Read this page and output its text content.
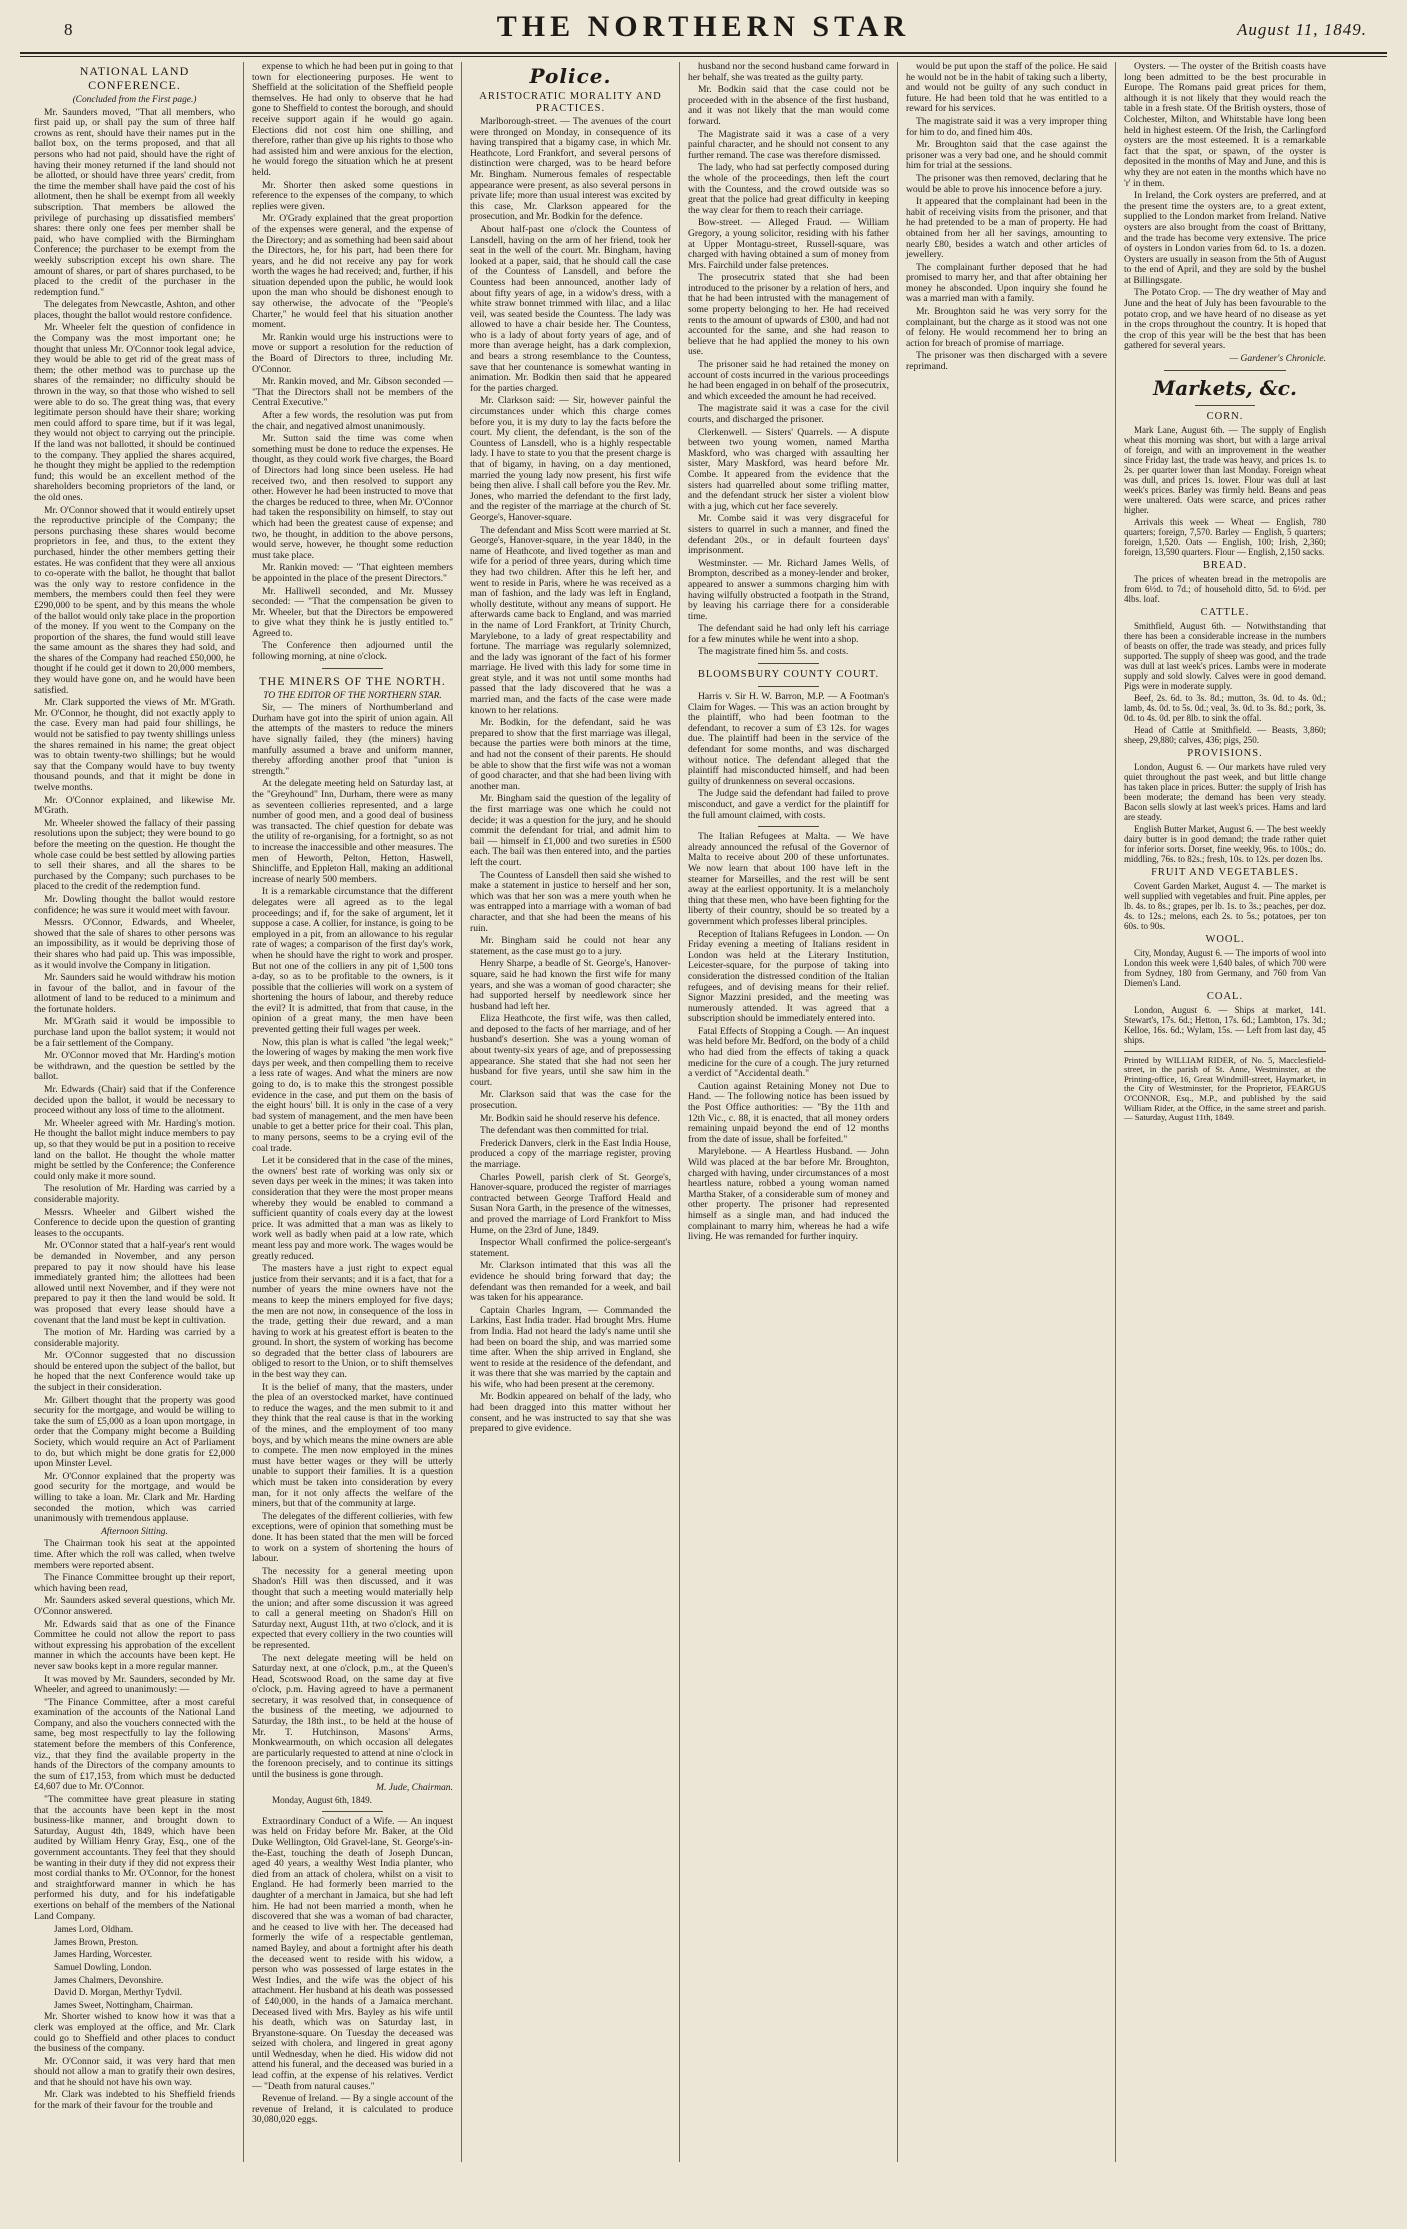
8	THE NORTHERN STAR	August 11, 1849.
NATIONAL LAND CONFERENCE.

(Concluded from the First page.)

Mr. Saunders moved, "That all members, who first paid up, or shall pay the sum of three half crowns as rent, should have their names put in the ballot box, on the terms proposed, and that all persons who had not paid, should have the right of having their money returned if the land should not be allotted, or should have three years' credit, from the time the member shall have paid the cost of his allotment, then he shall be exempt from all weekly subscription. That members be allowed the privilege of purchasing up dissatisfied members' shares: there only one fees per member shall be paid, who have complied with the Birmingham Conference; the purchaser to be exempt from the weekly subscription except his own share. The amount of shares, or part of shares purchased, to be placed to the credit of the purchaser in the redemption fund."

The delegates from Newcastle, Ashton, and other places, thought the ballot would restore confidence.

Mr. Wheeler felt the question of confidence in the Company was the most important one; he thought that unless Mr. O'Connor took legal advice, they would be able to get rid of the great mass of them; the other method was to purchase up the shares of the remainder; no difficulty should be thrown in the way, so that those who wished to sell were able to do so. The great thing was, that every legitimate person should have their share; working men could afford to spare time, but if it was legal, they would not object to carrying out the principle. If the land was not ballotted, it should be continued to the company. They applied the shares acquired, he thought they might be applied to the redemption fund; this would be an excellent method of the shareholders becoming proprietors of the land, or the old ones.

Mr. O'Connor showed that it would entirely upset the reproductive principle of the Company; the persons purchasing these shares would become proprietors in fee, and thus, to the extent they purchased, hinder the other members getting their estates. He was confident that they were all anxious to co-operate with the ballot, he thought that ballot was the only way to restore confidence in the members, the members could then feel they were £290,000 to be spent, and by this means the whole of the ballot would only take place in the proportion of the money. If you went to the Company on the proportion of the shares, the fund would still leave the same amount as the shares they had sold, and the shares of the Company had reached £50,000, he thought if he could get it down to 20,000 members, they would have gone on, and he would have been satisfied.

Mr. Clark supported the views of Mr. M'Grath. Mr. O'Connor, he thought, did not exactly apply to the case. Every man had paid four shillings, he would not be satisfied to pay twenty shillings unless the shares remained in his name; the great object was to obtain twenty-two shillings; but he would say that the Company would have to buy twenty thousand pounds, and that it might be done in twelve months.

Mr. O'Connor explained, and likewise Mr. M'Grath.

Mr. Wheeler showed the fallacy of their passing resolutions upon the subject; they were bound to go before the meeting on the question. He thought the whole case could be best settled by allowing parties to sell their shares, and all the shares to be purchased by the Company; such purchases to be placed to the credit of the redemption fund.

Mr. Dowling thought the ballot would restore confidence; he was sure it would meet with favour.

Messrs. O'Connor, Edwards, and Wheeler, showed that the sale of shares to other persons was an impossibility, as it would be depriving those of their shares who had paid up. This was impossible, as it would involve the Company in litigation.

Mr. Saunders said he would withdraw his motion in favour of the ballot, and in favour of the allotment of land to be reduced to a minimum and the fortunate holders.

Mr. M'Grath said it would be impossible to purchase land upon the ballot system; it would not be a fair settlement of the Company.

Mr. O'Connor moved that Mr. Harding's motion be withdrawn, and the question be settled by the ballot.

Mr. Edwards (Chair) said that if the Conference decided upon the ballot, it would be necessary to proceed without any loss of time to the allotment.

Mr. Wheeler agreed with Mr. Harding's motion. He thought the ballot might induce members to pay up, so that they would be put in a position to receive land on the ballot. He thought the whole matter might be settled by the Conference; the Conference could only make it more sound.

The resolution of Mr. Harding was carried by a considerable majority.

Messrs. Wheeler and Gilbert wished the Conference to decide upon the question of granting leases to the occupants.

Mr. O'Connor stated that a half-year's rent would be demanded in November, and any person prepared to pay it now should have his lease immediately granted him; the allottees had been allowed until next November, and if they were not prepared to pay it then the land would be sold. It was proposed that every lease should have a covenant that the land must be kept in cultivation.

The motion of Mr. Harding was carried by a considerable majority.

Mr. O'Connor suggested that no discussion should be entered upon the subject of the ballot, but he hoped that the next Conference would take up the subject in their consideration.

Mr. Gilbert thought that the property was good security for the mortgage, and would be willing to take the sum of £5,000 as a loan upon mortgage, in order that the Company might become a Building Society, which would require an Act of Parliament to do, but which might be done gratis for £2,000 upon Minster Level.

Mr. O'Connor explained that the property was good security for the mortgage, and would be willing to take a loan. Mr. Clark and Mr. Harding seconded the motion, which was carried unanimously with tremendous applause.

Afternoon Sitting.

The Chairman took his seat at the appointed time. After which the roll was called, when twelve members were reported absent.

The Finance Committee brought up their report, which having been read,

Mr. Saunders asked several questions, which Mr. O'Connor answered.

Mr. Edwards said that as one of the Finance Committee he could not allow the report to pass without expressing his approbation of the excellent manner in which the accounts have been kept. He never saw books kept in a more regular manner.

It was moved by Mr. Saunders, seconded by Mr. Wheeler, and agreed to unanimously: —

"The Finance Committee, after a most careful examination of the accounts of the National Land Company, and also the vouchers connected with the same, beg most respectfully to lay the following statement before the members of this Conference, viz., that they find the available property in the hands of the Directors of the company amounts to the sum of £17,153, from which must be deducted £4,607 due to Mr. O'Connor.

"The committee have great pleasure in stating that the accounts have been kept in the most business-like manner, and brought down to Saturday, August 4th, 1849, which have been audited by William Henry Gray, Esq., one of the government accountants. They feel that they should be wanting in their duty if they did not express their most cordial thanks to Mr. O'Connor, for the honest and straightforward manner in which he has performed his duty, and for his indefatigable exertions on behalf of the members of the National Land Company.

James Lord, Oldham.

James Brown, Preston.

James Harding, Worcester.

Samuel Dowling, London.

James Chalmers, Devonshire.

David D. Morgan, Merthyr Tydvil.

James Sweet, Nottingham, Chairman.

Mr. Shorter wished to know how it was that a clerk was employed at the office, and Mr. Clark could go to Sheffield and other places to conduct the business of the company.

Mr. O'Connor said, it was very hard that men should not allow a man to gratify their own desires, and that he should not have his own way.

Mr. Clark was indebted to his Sheffield friends for the mark of their favour for the trouble and

expense to which he had been put in going to that town for electioneering purposes. He went to Sheffield at the solicitation of the Sheffield people themselves. He had only to observe that he had gone to Sheffield to contest the borough, and should receive support again if he would go again. Elections did not cost him one shilling, and therefore, rather than give up his rights to those who had assisted him and were anxious for the election, he would forego the situation which he at present held.

Mr. Shorter then asked some questions in reference to the expenses of the company, to which replies were given.

Mr. O'Grady explained that the great proportion of the expenses were general, and the expense of the Directory; and as something had been said about the Directors, he, for his part, had been there for years, and he did not receive any pay for work worth the wages he had received; and, further, if his situation depended upon the public, he would look upon the man who should be dishonest enough to say otherwise, the advocate of the "People's Charter," he would feel that his situation another moment.

Mr. Rankin would urge his instructions were to move or support a resolution for the reduction of the Board of Directors to three, including Mr. O'Connor.

Mr. Rankin moved, and Mr. Gibson seconded — "That the Directors shall not be members of the Central Executive."

After a few words, the resolution was put from the chair, and negatived almost unanimously.

Mr. Sutton said the time was come when something must be done to reduce the expenses. He thought, as they could work five charges, the Board of Directors had long since been useless. He had received two, and then resolved to support any other. However he had been instructed to move that the charges be reduced to three, when Mr. O'Connor had taken the responsibility on himself, to stay out which had been the greatest cause of expense; and two, he thought, in addition to the above persons, would serve, however, he thought some reduction must take place.

Mr. Rankin moved: — "That eighteen members be appointed in the place of the present Directors."

Mr. Halliwell seconded, and Mr. Mussey seconded: — "That the compensation be given to Mr. Wheeler, but that the Directors be empowered to give what they think he is justly entitled to." Agreed to.

The Conference then adjourned until the following morning, at nine o'clock.

THE MINERS OF THE NORTH.

TO THE EDITOR OF THE NORTHERN STAR.

Sir, — The miners of Northumberland and Durham have got into the spirit of union again. All the attempts of the masters to reduce the miners have signally failed, they (the miners) having manfully assumed a brave and uniform manner, thereby affording another proof that "union is strength."

At the delegate meeting held on Saturday last, at the "Greyhound" Inn, Durham, there were as many as seventeen collieries represented, and a large number of good men, and a good deal of business was transacted. The chief question for debate was the utility of re-organising, for a fortnight, so as not to increase the inaccessible and other measures. The men of Heworth, Pelton, Hetton, Haswell, Shincliffe, and Eppleton Hall, making an additional increase of nearly 500 members.

It is a remarkable circumstance that the different delegates were all agreed as to the legal proceedings; and if, for the sake of argument, let it suppose a case. A collier, for instance, is going to be employed in a pit, from an allowance to his regular rate of wages; a comparison of the first day's work, when he should have the right to work and prosper. But not one of the colliers in any pit of 1,500 tons a-day, so as to be profitable to the owners, is it possible that the collieries will work on a system of shortening the hours of labour, and thereby reduce the evil? It is admitted, that from that cause, in the opinion of a great many, the men have been prevented getting their full wages per week.

Now, this plan is what is called "the legal week;" the lowering of wages by making the men work five days per week, and then compelling them to receive a less rate of wages. And what the miners are now going to do, is to make this the strongest possible evidence in the case, and put them on the basis of the eight hours' bill. It is only in the case of a very bad system of management, and the men have been unable to get a better price for their coal. This plan, to many persons, seems to be a crying evil of the coal trade.

Let it be considered that in the case of the mines, the owners' best rate of working was only six or seven days per week in the mines; it was taken into consideration that they were the most proper means whereby they would be enabled to command a sufficient quantity of coals every day at the lowest price. It was admitted that a man was as likely to work well as badly when paid at a low rate, which meant less pay and more work. The wages would be greatly reduced.

The masters have a just right to expect equal justice from their servants; and it is a fact, that for a number of years the mine owners have not the means to keep the miners employed for five days; the men are not now, in consequence of the loss in the trade, getting their due reward, and a man having to work at his greatest effort is beaten to the ground. In short, the system of working has become so degraded that the better class of labourers are obliged to resort to the Union, or to shift themselves in the best way they can.

It is the belief of many, that the masters, under the plea of an overstocked market, have continued to reduce the wages, and the men submit to it and they think that the real cause is that in the working of the mines, and the employment of too many boys, and by which means the mine owners are able to compete. The men now employed in the mines must have better wages or they will be utterly unable to support their families. It is a question which must be taken into consideration by every man, for it not only affects the welfare of the miners, but that of the community at large.

The delegates of the different collieries, with few exceptions, were of opinion that something must be done. It has been stated that the men will be forced to work on a system of shortening the hours of labour.

The necessity for a general meeting upon Shadon's Hill was then discussed, and it was thought that such a meeting would materially help the union; and after some discussion it was agreed to call a general meeting on Shadon's Hill on Saturday next, August 11th, at two o'clock, and it is expected that every colliery in the two counties will be represented.

The next delegate meeting will be held on Saturday next, at one o'clock, p.m., at the Queen's Head, Scotswood Road, on the same day at five o'clock, p.m. Having agreed to have a permanent secretary, it was resolved that, in consequence of the business of the meeting, we adjourned to Saturday, the 18th inst., to be held at the house of Mr. T. Hutchinson, Masons' Arms, Monkwearmouth, on which occasion all delegates are particularly requested to attend at nine o'clock in the forenoon precisely, and to continue its sittings until the business is gone through.

M. Jude, Chairman.

Monday, August 6th, 1849.

Extraordinary Conduct of a Wife. — An inquest was held on Friday before Mr. Baker, at the Old Duke Wellington, Old Gravel-lane, St. George's-in-the-East, touching the death of Joseph Duncan, aged 40 years, a wealthy West India planter, who died from an attack of cholera, whilst on a visit to England. He had formerly been married to the daughter of a merchant in Jamaica, but she had left him. He had not been married a month, when he discovered that she was a woman of bad character, and he ceased to live with her. The deceased had formerly the wife of a respectable gentleman, named Bayley, and about a fortnight after his death the deceased went to reside with his widow, a person who was possessed of large estates in the West Indies, and the wife was the object of his attachment. Her husband at his death was possessed of £40,000, in the hands of a Jamaica merchant. Deceased lived with Mrs. Bayley as his wife until his death, which was on Saturday last, in Bryanstone-square. On Tuesday the deceased was seized with cholera, and lingered in great agony until Wednesday, when he died. His widow did not attend his funeral, and the deceased was buried in a lead coffin, at the expense of his relatives. Verdict — "Death from natural causes."

Revenue of Ireland. — By a single account of the revenue of Ireland, it is calculated to produce 30,080,020 eggs.

Police.
ARISTOCRATIC MORALITY AND PRACTICES.

Marlborough-street. — The avenues of the court were thronged on Monday, in consequence of its having transpired that a bigamy case, in which Mr. Heathcote, Lord Frankfort, and several persons of distinction were charged, was to be heard before Mr. Bingham. Numerous females of respectable appearance were present, as also several persons in private life; more than usual interest was excited by this case, Mr. Clarkson appeared for the prosecution, and Mr. Bodkin for the defence.

About half-past one o'clock the Countess of Lansdell, having on the arm of her friend, took her seat in the well of the court. Mr. Bingham, having looked at a paper, said, that he should call the case of the Countess of Lansdell, and before the Countess had been announced, another lady of about fifty years of age, in a widow's dress, with a white straw bonnet trimmed with lilac, and a lilac veil, was seated beside the Countess. The lady was allowed to have a chair beside her. The Countess, who is a lady of about forty years of age, and of more than average height, has a dark complexion, and bears a strong resemblance to the Countess, save that her countenance is somewhat wanting in animation. Mr. Bodkin then said that he appeared for the parties charged.

Mr. Clarkson said: — Sir, however painful the circumstances under which this charge comes before you, it is my duty to lay the facts before the court. My client, the defendant, is the son of the Countess of Lansdell, who is a highly respectable lady. I have to state to you that the present charge is that of bigamy, in having, on a day mentioned, married the young lady now present, his first wife being then alive. I shall call before you the Rev. Mr. Jones, who married the defendant to the first lady, and the register of the marriage at the church of St. George's, Hanover-square.

The defendant and Miss Scott were married at St. George's, Hanover-square, in the year 1840, in the name of Heathcote, and lived together as man and wife for a period of three years, during which time they had two children. After this he left her, and went to reside in Paris, where he was received as a man of fashion, and the lady was left in England, wholly destitute, without any means of support. He afterwards came back to England, and was married in the name of Lord Frankfort, at Trinity Church, Marylebone, to a lady of great respectability and fortune. The marriage was regularly solemnized, and the lady was ignorant of the fact of his former marriage. He lived with this lady for some time in great style, and it was not until some months had passed that the lady discovered that he was a married man, and the facts of the case were made known to her relations.

Mr. Bodkin, for the defendant, said he was prepared to show that the first marriage was illegal, because the parties were both minors at the time, and had not the consent of their parents. He should be able to show that the first wife was not a woman of good character, and that she had been living with another man.

Mr. Bingham said the question of the legality of the first marriage was one which he could not decide; it was a question for the jury, and he should commit the defendant for trial, and admit him to bail — himself in £1,000 and two sureties in £500 each. The bail was then entered into, and the parties left the court.

The Countess of Lansdell then said she wished to make a statement in justice to herself and her son, which was that her son was a mere youth when he was entrapped into a marriage with a woman of bad character, and that she had been the means of his ruin.

Mr. Bingham said he could not hear any statement, as the case must go to a jury.

Henry Sharpe, a beadle of St. George's, Hanover-square, said he had known the first wife for many years, and she was a woman of good character; she had supported herself by needlework since her husband had left her.

Eliza Heathcote, the first wife, was then called, and deposed to the facts of her marriage, and of her husband's desertion. She was a young woman of about twenty-six years of age, and of prepossessing appearance. She stated that she had not seen her husband for five years, until she saw him in the court.

Mr. Clarkson said that was the case for the prosecution.

Mr. Bodkin said he should reserve his defence.

The defendant was then committed for trial.

Frederick Danvers, clerk in the East India House, produced a copy of the marriage register, proving the marriage.

Charles Powell, parish clerk of St. George's, Hanover-square, produced the register of marriages contracted between George Trafford Heald and Susan Nora Garth, in the presence of the witnesses, and proved the marriage of Lord Frankfort to Miss Hume, on the 23rd of June, 1849.

Inspector Whall confirmed the police-sergeant's statement.

Mr. Clarkson intimated that this was all the evidence he should bring forward that day; the defendant was then remanded for a week, and bail was taken for his appearance.

Captain Charles Ingram, — Commanded the Larkins, East India trader. Had brought Mrs. Hume from India. Had not heard the lady's name until she had been on board the ship, and was married some time after. When the ship arrived in England, she went to reside at the residence of the defendant, and it was there that she was married by the captain and his wife, who had been present at the ceremony.

Mr. Bodkin appeared on behalf of the lady, who had been dragged into this matter without her consent, and he was instructed to say that she was prepared to give evidence.

husband nor the second husband came forward in her behalf, she was treated as the guilty party.

Mr. Bodkin said that the case could not be proceeded with in the absence of the first husband, and it was not likely that the man would come forward.

The Magistrate said it was a case of a very painful character, and he should not consent to any further remand. The case was therefore dismissed.

The lady, who had sat perfectly composed during the whole of the proceedings, then left the court with the Countess, and the crowd outside was so great that the police had great difficulty in keeping the way clear for them to reach their carriage.

Bow-street. — Alleged Fraud. — William Gregory, a young solicitor, residing with his father at Upper Montagu-street, Russell-square, was charged with having obtained a sum of money from Mrs. Fairchild under false pretences.

The prosecutrix stated that she had been introduced to the prisoner by a relation of hers, and that he had been intrusted with the management of some property belonging to her. He had received rents to the amount of upwards of £300, and had not accounted for the same, and she had reason to believe that he had applied the money to his own use.

The prisoner said he had retained the money on account of costs incurred in the various proceedings he had been engaged in on behalf of the prosecutrix, and which exceeded the amount he had received.

The magistrate said it was a case for the civil courts, and discharged the prisoner.

Clerkenwell. — Sisters' Quarrels. — A dispute between two young women, named Martha Maskford, who was charged with assaulting her sister, Mary Maskford, was heard before Mr. Combe. It appeared from the evidence that the sisters had quarrelled about some trifling matter, and the defendant struck her sister a violent blow with a jug, which cut her face severely.

Mr. Combe said it was very disgraceful for sisters to quarrel in such a manner, and fined the defendant 20s., or in default fourteen days' imprisonment.

Westminster. — Mr. Richard James Wells, of Brompton, described as a money-lender and broker, appeared to answer a summons charging him with having wilfully obstructed a footpath in the Strand, by leaving his carriage there for a considerable time.

The defendant said he had only left his carriage for a few minutes while he went into a shop.

The magistrate fined him 5s. and costs.

BLOOMSBURY COUNTY COURT.

Harris v. Sir H. W. Barron, M.P. — A Footman's Claim for Wages. — This was an action brought by the plaintiff, who had been footman to the defendant, to recover a sum of £3 12s. for wages due. The plaintiff had been in the service of the defendant for some months, and was discharged without notice. The defendant alleged that the plaintiff had misconducted himself, and had been guilty of drunkenness on several occasions.

The Judge said the defendant had failed to prove misconduct, and gave a verdict for the plaintiff for the full amount claimed, with costs.

The Italian Refugees at Malta. — We have already announced the refusal of the Governor of Malta to receive about 200 of these unfortunates. We now learn that about 100 have left in the steamer for Marseilles, and the rest will be sent away at the earliest opportunity. It is a melancholy thing that these men, who have been fighting for the liberty of their country, should be so treated by a government which professes liberal principles.

Reception of Italians Refugees in London. — On Friday evening a meeting of Italians resident in London was held at the Literary Institution, Leicester-square, for the purpose of taking into consideration the distressed condition of the Italian refugees, and of devising means for their relief. Signor Mazzini presided, and the meeting was numerously attended. It was agreed that a subscription should be immediately entered into.

Fatal Effects of Stopping a Cough. — An inquest was held before Mr. Bedford, on the body of a child who had died from the effects of taking a quack medicine for the cure of a cough. The jury returned a verdict of "Accidental death."

Caution against Retaining Money not Due to Hand. — The following notice has been issued by the Post Office authorities: — "By the 11th and 12th Vic., c. 88, it is enacted, that all money orders remaining unpaid beyond the end of 12 months from the date of issue, shall be forfeited."

Marylebone. — A Heartless Husband. — John Wild was placed at the bar before Mr. Broughton, charged with having, under circumstances of a most heartless nature, robbed a young woman named Martha Staker, of a considerable sum of money and other property. The prisoner had represented himself as a single man, and had induced the complainant to marry him, whereas he had a wife living. He was remanded for further inquiry.

would be put upon the staff of the police. He said he would not be in the habit of taking such a liberty, and would not be guilty of any such conduct in future. He had been told that he was entitled to a reward for his services.

The magistrate said it was a very improper thing for him to do, and fined him 40s.

Mr. Broughton said that the case against the prisoner was a very bad one, and he should commit him for trial at the sessions.

The prisoner was then removed, declaring that he would be able to prove his innocence before a jury.

It appeared that the complainant had been in the habit of receiving visits from the prisoner, and that he had pretended to be a man of property. He had obtained from her all her savings, amounting to nearly £80, besides a watch and other articles of jewellery.

The complainant further deposed that he had promised to marry her, and that after obtaining her money he absconded. Upon inquiry she found he was a married man with a family.

Mr. Broughton said he was very sorry for the complainant, but the charge as it stood was not one of felony. He would recommend her to bring an action for breach of promise of marriage.

The prisoner was then discharged with a severe reprimand.

Oysters. — The oyster of the British coasts have long been admitted to be the best procurable in Europe. The Romans paid great prices for them, although it is not likely that they would reach the table in a fresh state. Of the British oysters, those of Colchester, Milton, and Whitstable have long been held in highest esteem. Of the Irish, the Carlingford oysters are the most esteemed. It is a remarkable fact that the spat, or spawn, of the oyster is deposited in the months of May and June, and this is why they are not eaten in the months which have no 'r' in them.

In Ireland, the Cork oysters are preferred, and at the present time the oysters are, to a great extent, supplied to the London market from Ireland. Native oysters are also brought from the coast of Brittany, and the trade has become very extensive. The price of oysters in London varies from 6d. to 1s. a dozen. Oysters are usually in season from the 5th of August to the end of April, and they are sold by the bushel at Billingsgate.

The Potato Crop. — The dry weather of May and June and the heat of July has been favourable to the potato crop, and we have heard of no disease as yet in the crops throughout the country. It is hoped that the crop of this year will be the best that has been gathered for several years.

— Gardener's Chronicle.

Markets, &c.
CORN.

Mark Lane, August 6th. — The supply of English wheat this morning was short, but with a large arrival of foreign, and with an improvement in the weather since Friday last, the trade was heavy, and prices 1s. to 2s. per quarter lower than last Monday. Foreign wheat was dull, and prices 1s. lower. Flour was dull at last week's prices. Barley was firmly held. Beans and peas were unaltered. Oats were scarce, and prices rather higher.

Arrivals this week — Wheat — English, 780 quarters; foreign, 7,570. Barley — English, 5 quarters; foreign, 1,520. Oats — English, 100; Irish, 2,360; foreign, 13,590 quarters. Flour — English, 2,150 sacks.

BREAD.

The prices of wheaten bread in the metropolis are from 6½d. to 7d.; of household ditto, 5d. to 6½d. per 4lbs. loaf.

CATTLE.

Smithfield, August 6th. — Notwithstanding that there has been a considerable increase in the numbers of beasts on offer, the trade was steady, and prices fully supported. The supply of sheep was good, and the trade was dull at last week's prices. Lambs were in moderate supply and sold slowly. Calves were in good demand. Pigs were in moderate supply.

Beef, 2s. 6d. to 3s. 8d.; mutton, 3s. 0d. to 4s. 0d.; lamb, 4s. 0d. to 5s. 0d.; veal, 3s. 0d. to 3s. 8d.; pork, 3s. 0d. to 4s. 0d. per 8lb. to sink the offal.

Head of Cattle at Smithfield. — Beasts, 3,860; sheep, 29,880; calves, 436; pigs, 250.

PROVISIONS.

London, August 6. — Our markets have ruled very quiet throughout the past week, and but little change has taken place in prices. Butter: the supply of Irish has been moderate; the demand has been very steady. Bacon sells slowly at last week's prices. Hams and lard are steady.

English Butter Market, August 6. — The best weekly dairy butter is in good demand; the trade rather quiet for inferior sorts. Dorset, fine weekly, 96s. to 100s.; do. middling, 76s. to 82s.; fresh, 10s. to 12s. per dozen lbs.

FRUIT AND VEGETABLES.

Covent Garden Market, August 4. — The market is well supplied with vegetables and fruit. Pine apples, per lb. 4s. to 8s.; grapes, per lb. 1s. to 3s.; peaches, per doz. 4s. to 12s.; melons, each 2s. to 5s.; potatoes, per ton 60s. to 90s.

WOOL.

City, Monday, August 6. — The imports of wool into London this week were 1,640 bales, of which 700 were from Sydney, 180 from Germany, and 760 from Van Diemen's Land.

COAL.

London, August 6. — Ships at market, 141. Stewart's, 17s. 6d.; Hetton, 17s. 6d.; Lambton, 17s. 3d.; Kelloe, 16s. 6d.; Wylam, 15s. — Left from last day, 45 ships.

Printed by WILLIAM RIDER, of No. 5, Macclesfield-street, in the parish of St. Anne, Westminster, at the Printing-office, 16, Great Windmill-street, Haymarket, in the City of Westminster, for the Proprietor, FEARGUS O'CONNOR, Esq., M.P., and published by the said William Rider, at the Office, in the same street and parish. — Saturday, August 11th, 1849.
